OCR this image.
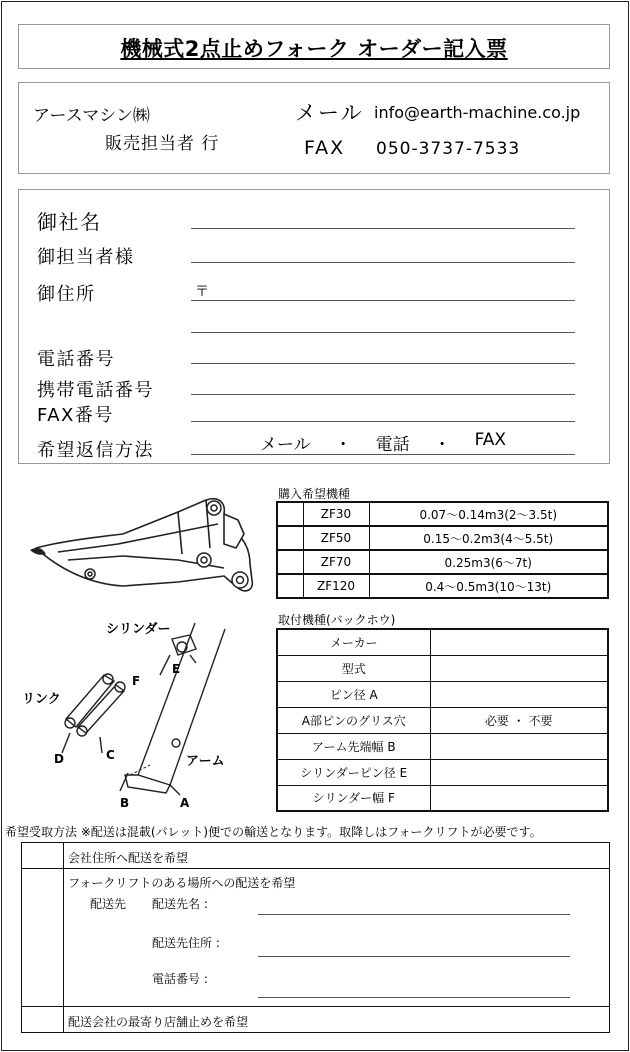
機械式2点止めフォーク オーダー記入票
アースマシン㈱
販売担当者 行
メール info@earth-machine.co.jp
FAX 050-3737-7533
御社名
御担当者様
御住所	〒
電話番号
携帯電話番号
FAX番号
希望返信方法	メール ・ 電話 ・ FAX
シリンダー
リンク
アーム
A
B
C
D
E
F
購入希望機種
	ZF30	0.07〜0.14m3(2〜3.5t)
	ZF50	0.15〜0.2m3(4〜5.5t)
	ZF70	0.25m3(6〜7t)
	ZF120	0.4〜0.5m3(10〜13t)
取付機種(バックホウ)
メーカー	
型式	
ピン径 A	
A部ピンのグリス穴	必要 ・ 不要
アーム先端幅 B	
シリンダーピン径 E	
シリンダー幅 F	
希望受取方法 ※配送は混載(パレット)便での輸送となります。取降しはフォークリフトが必要です。
会社住所へ配送を希望
フォークリフトのある場所への配送を希望
配送先 配送先名 :
配送先住所 :
電話番号 :
配送会社の最寄り店舗止めを希望
